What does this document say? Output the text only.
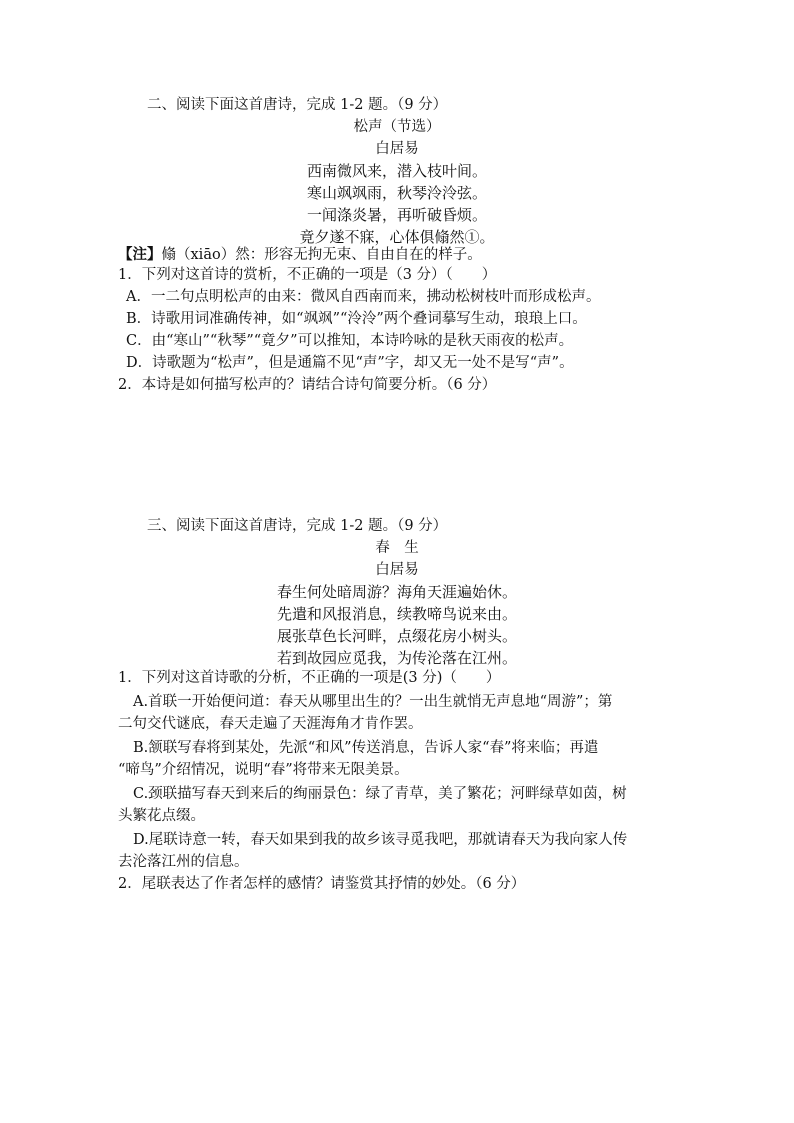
二、阅读下面这首唐诗，完成 1-2 题。（9 分）
松声（节选）
白居易
西南微风来，潜入枝叶间。
寒山飒飒雨，秋琴泠泠弦。
一闻涤炎暑，再听破昏烦。
竟夕遂不寐，心体俱翛然①。
【注】翛（xiāo）然：形容无拘无束、自由自在的样子。
1．下列对这首诗的赏析，不正确的一项是（3 分）（　　）
A．一二句点明松声的由来：微风自西南而来，拂动松树枝叶而形成松声。
B．诗歌用词准确传神，如“飒飒”“泠泠”两个叠词摹写生动，琅琅上口。
C．由“寒山”“秋琴”“竟夕”可以推知，本诗吟咏的是秋天雨夜的松声。
D．诗歌题为“松声”，但是通篇不见“声”字，却又无一处不是写“声”。
2．本诗是如何描写松声的？请结合诗句简要分析。（6 分）
三、阅读下面这首唐诗，完成 1-2 题。（9 分）
春　生
白居易
春生何处暗周游？海角天涯遍始休。
先遣和风报消息，续教啼鸟说来由。
展张草色长河畔，点缀花房小树头。
若到故园应觅我，为传沦落在江州。
1．下列对这首诗歌的分析，不正确的一项是(3 分)（　　）
A.首联一开始便问道：春天从哪里出生的？一出生就悄无声息地“周游”；第
二句交代谜底，春天走遍了天涯海角才肯作罢。
B.颔联写春将到某处，先派“和风”传送消息，告诉人家“春”将来临；再遣
“啼鸟”介绍情况，说明“春”将带来无限美景。
C.颈联描写春天到来后的绚丽景色：绿了青草，美了繁花；河畔绿草如茵，树
头繁花点缀。
D.尾联诗意一转，春天如果到我的故乡该寻觅我吧，那就请春天为我向家人传
去沦落江州的信息。
2．尾联表达了作者怎样的感情？请鉴赏其抒情的妙处。（6 分）
